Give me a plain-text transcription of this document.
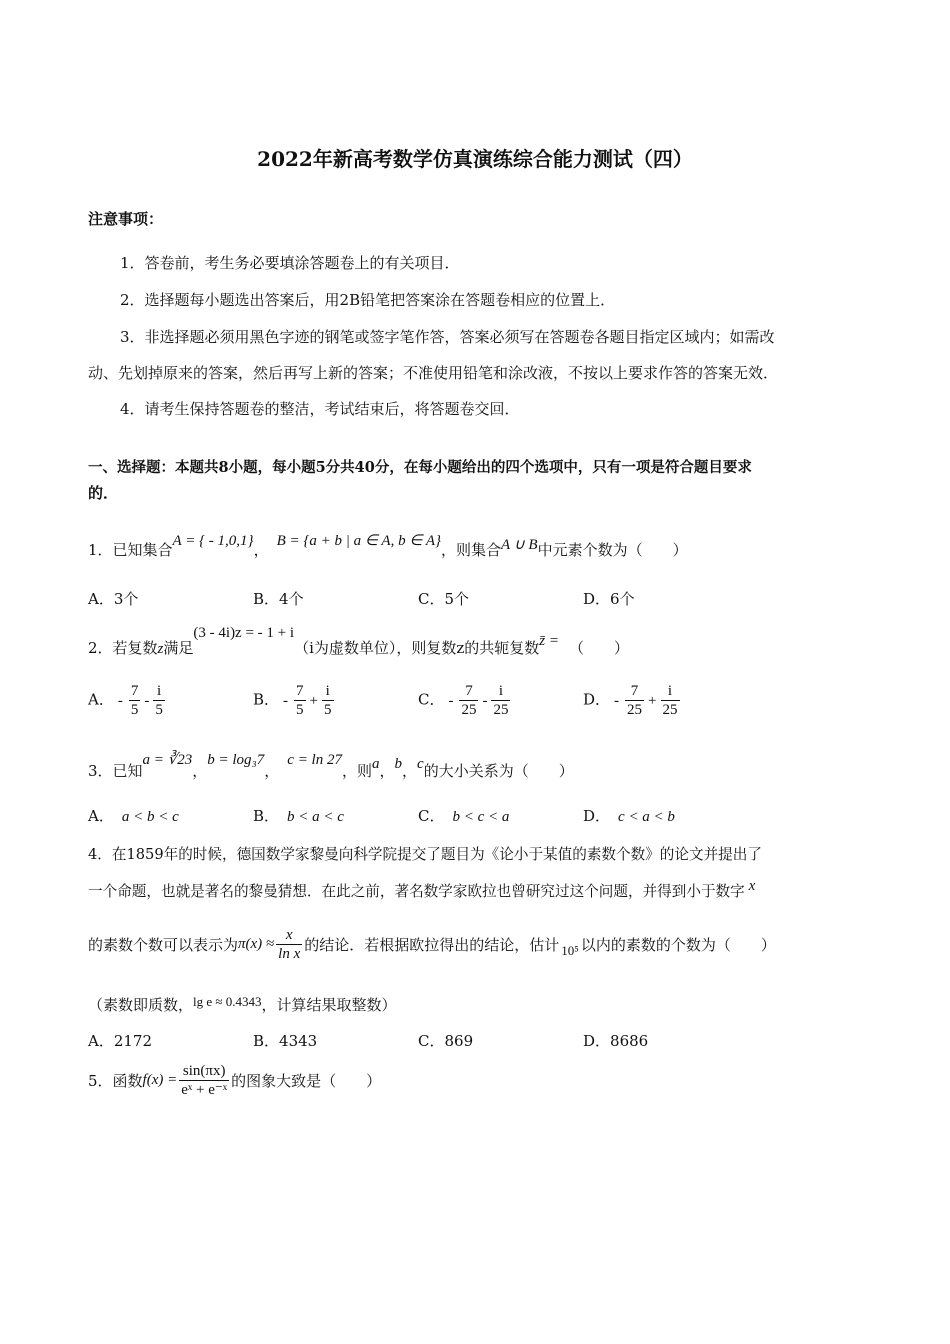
2022年新高考数学仿真演练综合能力测试（四）
注意事项：
1．答卷前，考生务必要填涂答题卷上的有关项目．
2．选择题每小题选出答案后，用2B铅笔把答案涂在答题卷相应的位置上．
3．非选择题必须用黑色字迹的钢笔或签字笔作答，答案必须写在答题卷各题目指定区域内；如需改
动、先划掉原来的答案，然后再写上新的答案；不准使用铅笔和涂改液，不按以上要求作答的答案无效．
4．请考生保持答题卷的整洁，考试结束后，将答题卷交回．
一、选择题：本题共8小题，每小题5分共40分，在每小题给出的四个选项中，只有一项是符合题目要求
的．
1．已知集合A = { - 1,0,1}， B = {a + b | a ∈ A, b ∈ A}，则集合A ∪ B中元素个数为（　　）
A．3个	B．4个	C．5个	D．6个
2．若复数z满足(3 - 4i)z = - 1 + i（i为虚数单位），则复数z的共轭复数z̄ = （　　）
A． - $\frac{7}{5} - \frac{i}{5}$	B． - $\frac{7}{5} + \frac{i}{5}$	C． - $\frac{7}{25} - \frac{i}{25}$	D． - $\frac{7}{25} + \frac{i}{25}$
3．已知a = ∛23，b = log₃7，c = ln 27，则a，b，c的大小关系为（　　）
A． a < b < c	B． b < a < c	C． b < c < a	D． c < a < b
4．在1859年的时候，德国数学家黎曼向科学院提交了题目为《论小于某值的素数个数》的论文并提出了
一个命题，也就是著名的黎曼猜想．在此之前，著名数学家欧拉也曾研究过这个问题，并得到小于数字 x
的素数个数可以表示为$\pi(x) \approx \frac{x}{\text{ln x}}$ 的结论．若根据欧拉得出的结论，估计 10⁵ 以内的素数的个数为（　　）
（素数即质数，lg e ≈ 0.4343，计算结果取整数）
A．2172	B．4343	C．869	D．8686
5．函数$f(x) = \frac{\sin(\pi x)}{\text{eˣ + e⁻ˣ}}$ 的图象大致是（　　）
